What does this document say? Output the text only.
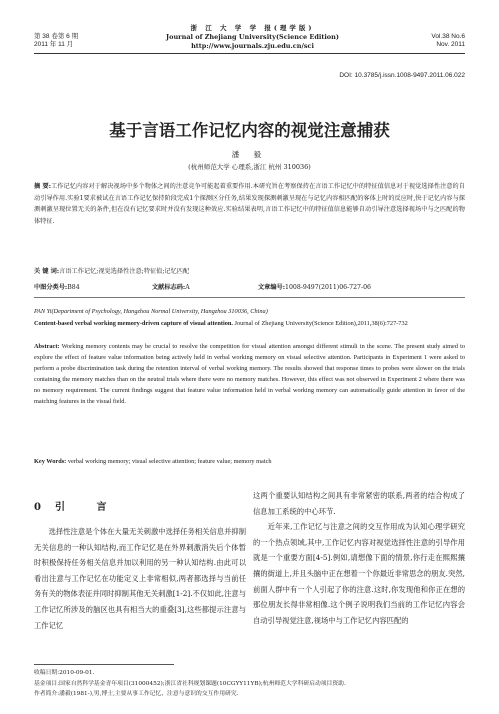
第 38 卷第 6 期
2011 年 11 月
浙 江 大 学 学 报(理学版)
Journal of Zhejiang University(Science Edition)
http://www.journals.zju.edu.cn/sci
Vol.38 No.6
Nov. 2011
DOI: 10.3785/j.issn.1008-9497.2011.06.022
基于言语工作记忆内容的视觉注意捕获
潘 毅
(杭州师范大学 心理系,浙江 杭州 310036)
摘 要:工作记忆内容对于解决视场中多个物体之间的注意竞争可能起着重要作用.本研究旨在考察保持在言语工作记忆中的特征值信息对于视觉选择性注意的自动引导作用.实验1要求被试在言语工作记忆保持阶段完成1个探测区分任务,结果发现探测刺激呈现在与记忆内容相匹配的客体上时的反应时,快于记忆内容与探测刺激呈现位置无关的条件,但在没有记忆要求时并没有发现这种效应.实验结果表明,言语工作记忆中的特征值信息能够自动引导注意选择视场中与之匹配的物体特征.
关 键 词:言语工作记忆;视觉选择性注意;特征值;记忆匹配
中图分类号:B84	文献标志码:A	文章编号:1008-9497(2011)06-727-06
PAN Yi(Department of Psychology, Hangzhou Normal University, Hangzhou 310036, China)
Content-based verbal working memory-driven capture of visual attention. Journal of Zhejiang University(Science Edition),2011,38(6):727-732
Abstract: Working memory contents may be crucial to resolve the competition for visual attention amongst different stimuli in the scene. The present study aimed to explore the effect of feature value information being actively held in verbal working memory on visual selective attention. Participants in Experiment 1 were asked to perform a probe discrimination task during the retention interval of verbal working memory. The results showed that response times to probes were slower on the trials containing the memory matches than on the neutral trials where there were no memory matches. However, this effect was not observed in Experiment 2 where there was no memory requirement. The current findings suggest that feature value information held in verbal working memory can automatically guide attention in favor of the matching features in the visual field.
Key Words: verbal working memory; visual selective attention; feature value; memory match
0引 言
选择性注意是个体在大量无关刺激中选择任务相关信息并抑制无关信息的一种认知结构,而工作记忆是在外界刺激消失后个体暂时积极保持任务相关信息并加以利用的另一种认知结构.由此可以看出注意与工作记忆在功能定义上非常相似,两者都选择与当前任务有关的物体表征并同时抑制其他无关刺激[1-2].不仅如此,注意与工作记忆所涉及的脑区也具有相当大的重叠[3],这些都提示注意与工作记忆
这两个重要认知结构之间具有非常紧密的联系,两者的结合构成了信息加工系统的中心环节.
近年来,工作记忆与注意之间的交互作用成为认知心理学研究的一个热点领域,其中,工作记忆内容对视觉选择性注意的引导作用就是一个重要方面[4-5].例如,请想像下面的情景,你行走在熙熙攘攘的街道上,并且头脑中正在想着一个你最近非常思念的朋友.突然,前面人群中有一个人引起了你的注意.这时,你发现他和你正在想的那位朋友长得非常相像.这个例子说明我们当前的工作记忆内容会自动引导视觉注意,视场中与工作记忆内容匹配的
收稿日期:2010-09-01.
基金项目:国家自然科学基金青年项目(31000452);浙江省社科规划课题(10CGYY11YB);杭州师范大学科研启动项目资助.
作者简介:潘毅(1981-),男,博士,主要从事工作记忆、注意与意识的交互作用研究.
